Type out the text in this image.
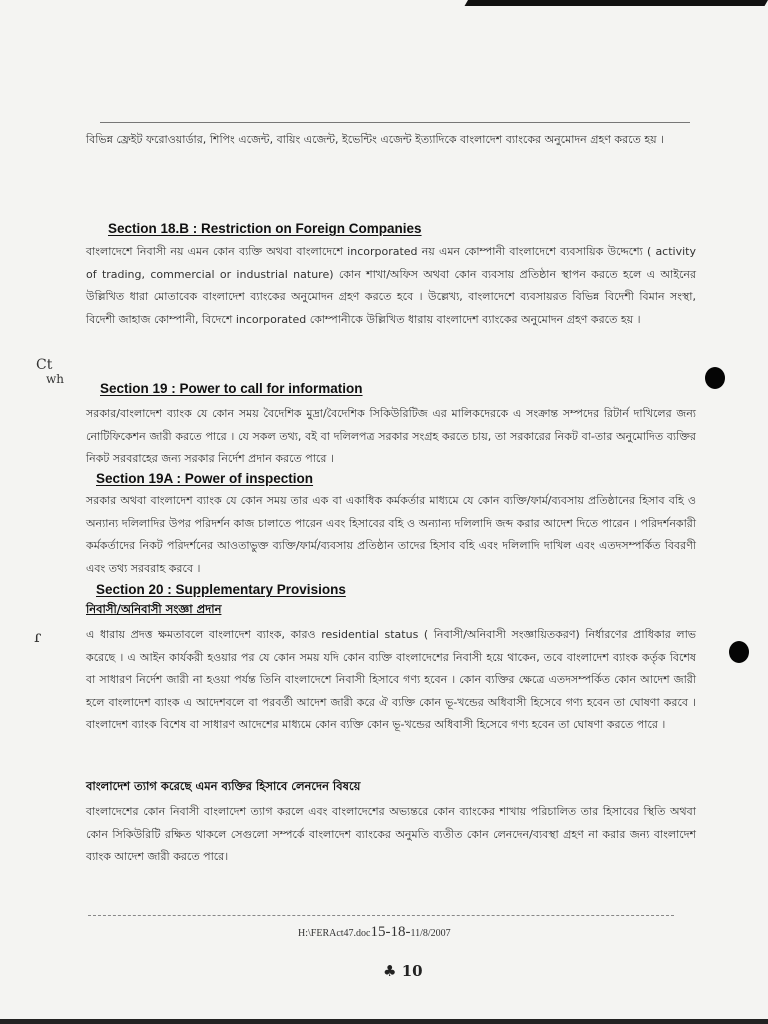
বিভিন্ন ফ্রেইট ফরোওয়ার্ডার, শিপিং এজেন্ট, বায়িং এজেন্ট, ইভেন্টিং এজেন্ট ইত্যাদিকে বাংলাদেশ ব্যাংকের অনুমোদন গ্রহণ করতে হয় ।
Section 18.B : Restriction on Foreign Companies
বাংলাদেশে নিবাসী নয় এমন কোন ব্যক্তি অথবা বাংলাদেশে incorporated নয় এমন কোম্পানী বাংলাদেশে ব্যবসায়িক উদ্দেশ্যে ( activity of trading, commercial or industrial nature) কোন শাখা/অফিস অথবা কোন ব্যবসায় প্রতিষ্ঠান স্থাপন করতে হলে এ আইনের উল্লিখিত ধারা মোতাবেক বাংলাদেশ ব্যাংকের অনুমোদন গ্রহণ করতে হবে । উল্লেখ্য, বাংলাদেশে ব্যবসায়রত বিভিন্ন বিদেশী বিমান সংস্থা, বিদেশী জাহাজ কোম্পানী, বিদেশে incorporated কোম্পানীকে উল্লিখিত ধারায় বাংলাদেশ ব্যাংকের অনুমোদন গ্রহণ করতে হয় ।
Ct
wh
Section 19 : Power to call for information
সরকার/বাংলাদেশ ব্যাংক যে কোন সময় বৈদেশিক মুদ্রা/বৈদেশিক সিকিউরিটিজ এর মালিকদেরকে এ সংক্রান্ত সম্পদের রিটার্ন দাখিলের জন্য নোটিফিকেশন জারী করতে পারে । যে সকল তথ্য, বই বা দলিলপত্র সরকার সংগ্রহ করতে চায়, তা সরকারের নিকট বা-তার অনুমোদিত ব্যক্তির নিকট সরবরাহের জন্য সরকার নির্দেশ প্রদান করতে পারে ।
Section 19A : Power of inspection
সরকার অথবা বাংলাদেশ ব্যাংক যে কোন সময় তার এক বা একাধিক কর্মকর্তার মাধ্যমে যে কোন ব্যক্তি/ফার্ম/ব্যবসায় প্রতিষ্ঠানের হিসাব বহি ও অন্যান্য দলিলাদির উপর পরিদর্শন কাজ চালাতে পারেন এবং হিসাবের বহি ও অন্যান্য দলিলাদি জব্দ করার আদেশ দিতে পারেন । পরিদর্শনকারী কর্মকর্তাদের নিকট পরিদর্শনের আওতাভুক্ত ব্যক্তি/ফার্ম/ব্যবসায় প্রতিষ্ঠান তাদের হিসাব বহি এবং দলিলাদি দাখিল এবং এতদসম্পর্কিত বিবরণী এবং তথ্য সরবরাহ করবে ।
Section 20 : Supplementary Provisions
নিবাসী/অনিবাসী সংজ্ঞা প্রদান
ɾ	এ ধারায় প্রদত্ত ক্ষমতাবলে বাংলাদেশ ব্যাংক, কারও residential status ( নিবাসী/অনিবাসী সংজ্ঞায়িতকরণ) নির্ধারণের প্রাধিকার লাভ করেছে । এ আইন কার্যকরী হওয়ার পর যে কোন সময় যদি কোন ব্যক্তি বাংলাদেশের নিবাসী হয়ে থাকেন, তবে বাংলাদেশ ব্যাংক কর্তৃক বিশেষ বা সাধারণ নির্দেশ জারী না হওয়া পর্যন্ত তিনি বাংলাদেশে নিবাসী হিসাবে গণ্য হবেন । কোন ব্যক্তির ক্ষেত্রে এতদসম্পর্কিত কোন আদেশ জারী হলে বাংলাদেশ ব্যাংক এ আদেশবলে বা পরবর্তী আদেশ জারী করে ঐ ব্যক্তি কোন ভূ-খন্ডের অধিবাসী হিসেবে গণ্য হবেন তা ঘোষণা করবে । বাংলাদেশ ব্যাংক বিশেষ বা সাধারণ আদেশের মাধ্যমে কোন ব্যক্তি কোন ভূ-খন্ডের অধিবাসী হিসেবে গণ্য হবেন তা ঘোষণা করতে পারে ।
বাংলাদেশ ত্যাগ করেছে এমন ব্যক্তির হিসাবে লেনদেন বিষয়ে
বাংলাদেশের কোন নিবাসী বাংলাদেশ ত্যাগ করলে এবং বাংলাদেশের অভ্যন্তরে কোন ব্যাংকের শাখায় পরিচালিত তার হিসাবের স্থিতি অথবা কোন সিকিউরিটি রক্ষিত থাকলে সেগুলো সম্পর্কে বাংলাদেশ ব্যাংকের অনুমতি ব্যতীত কোন লেনদেন/ব্যবস্থা গ্রহণ না করার জন্য বাংলাদেশ ব্যাংক আদেশ জারী করতে পারে।
H:\FERAct47.doc15-18-11/8/2007
♣ 10
